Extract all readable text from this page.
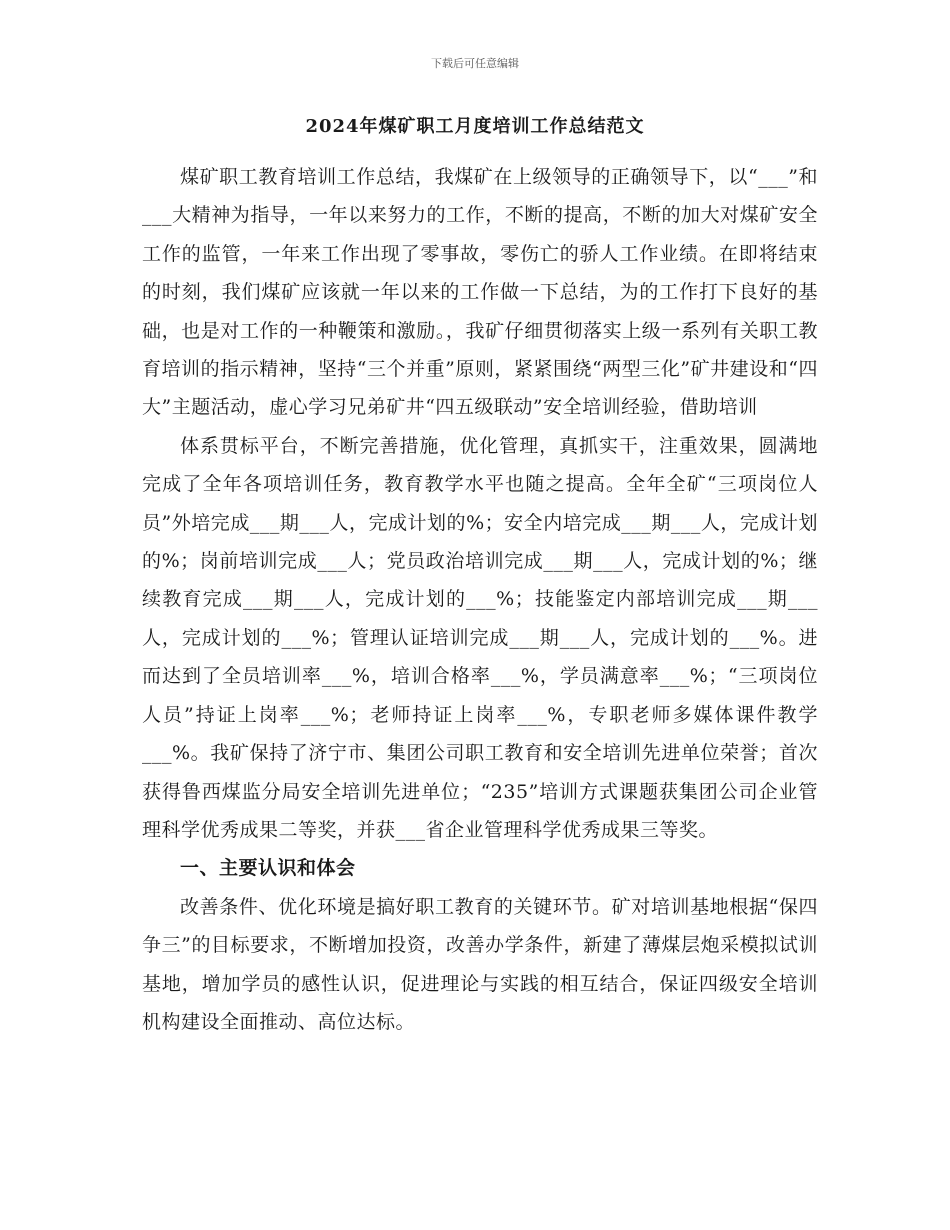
下载后可任意编辑
2024年煤矿职工月度培训工作总结范文

煤矿职工教育培训工作总结，我煤矿在上级领导的正确领导下，以“___”和___大精神为指导，一年以来努力的工作，不断的提高，不断的加大对煤矿安全工作的监管，一年来工作出现了零事故，零伤亡的骄人工作业绩。在即将结束的时刻，我们煤矿应该就一年以来的工作做一下总结，为的工作打下良好的基础，也是对工作的一种鞭策和激励。，我矿仔细贯彻落实上级一系列有关职工教育培训的指示精神，坚持“三个并重”原则，紧紧围绕“两型三化”矿井建设和“四大”主题活动，虚心学习兄弟矿井“四五级联动”安全培训经验，借助培训

体系贯标平台，不断完善措施，优化管理，真抓实干，注重效果，圆满地完成了全年各项培训任务，教育教学水平也随之提高。全年全矿“三项岗位人员”外培完成___期___人，完成计划的%；安全内培完成___期___人，完成计划的%；岗前培训完成___人；党员政治培训完成___期___人，完成计划的%；继续教育完成___期___人，完成计划的___%；技能鉴定内部培训完成___期___人，完成计划的___%；管理认证培训完成___期___人，完成计划的___%。进而达到了全员培训率___%，培训合格率___%，学员满意率___%；“三项岗位人员”持证上岗率___%；老师持证上岗率___%，专职老师多媒体课件教学___%。我矿保持了济宁市、集团公司职工教育和安全培训先进单位荣誉；首次获得鲁西煤监分局安全培训先进单位；“235”培训方式课题获集团公司企业管理科学优秀成果二等奖，并获___省企业管理科学优秀成果三等奖。

一、主要认识和体会

改善条件、优化环境是搞好职工教育的关键环节。矿对培训基地根据“保四争三”的目标要求，不断增加投资，改善办学条件，新建了薄煤层炮采模拟试训基地，增加学员的感性认识，促进理论与实践的相互结合，保证四级安全培训机构建设全面推动、高位达标。
